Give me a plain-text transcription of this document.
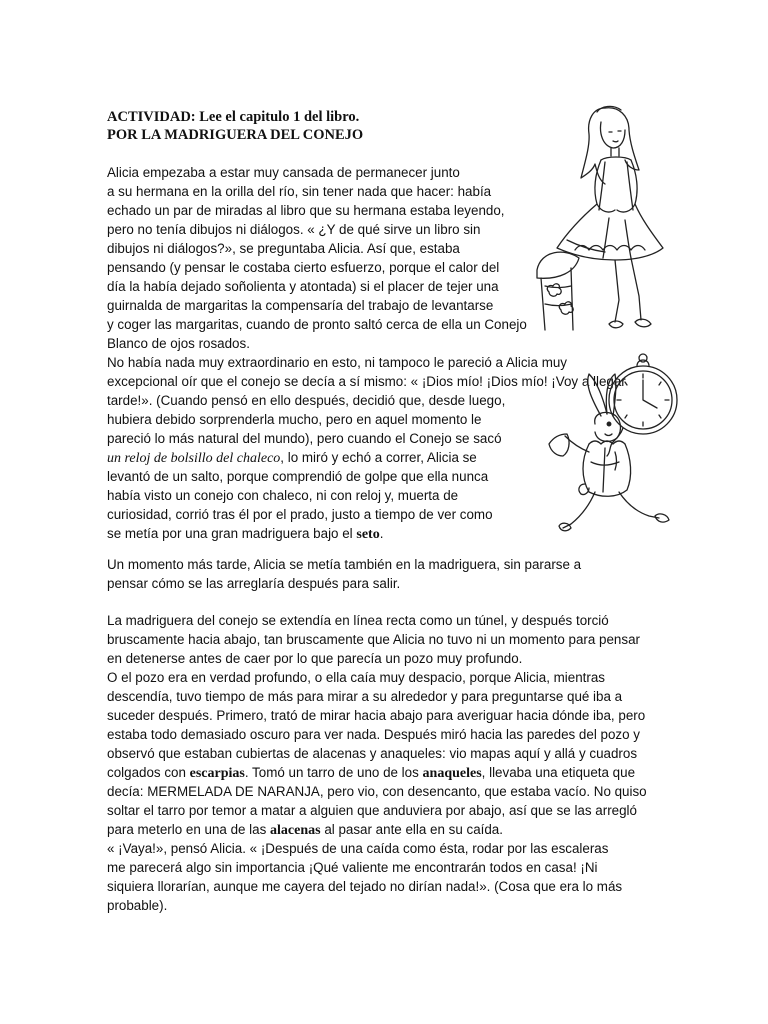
ACTIVIDAD: Lee el capitulo 1 del libro.
POR LA MADRIGUERA DEL CONEJO
Alicia empezaba a estar muy cansada de permanecer junto
a su hermana en la orilla del río, sin tener nada que hacer: había
echado un par de miradas al libro que su hermana estaba leyendo,
pero no tenía dibujos ni diálogos. « ¿Y de qué sirve un libro sin
dibujos ni diálogos?», se preguntaba Alicia. Así que, estaba
pensando (y pensar le costaba cierto esfuerzo, porque el calor del
día la había dejado soñolienta y atontada) si el placer de tejer una
guirnalda de margaritas la compensaría del trabajo de levantarse
y coger las margaritas, cuando de pronto saltó cerca de ella un Conejo
Blanco de ojos rosados.
No había nada muy extraordinario en esto, ni tampoco le pareció a Alicia muy
excepcional oír que el conejo se decía a sí mismo: « ¡Dios mío! ¡Dios mío! ¡Voy a llegar
tarde!». (Cuando pensó en ello después, decidió que, desde luego,
hubiera debido sorprenderla mucho, pero en aquel momento le
pareció lo más natural del mundo), pero cuando el Conejo se sacó
un reloj de bolsillo del chaleco, lo miró y echó a correr, Alicia se
levantó de un salto, porque comprendió de golpe que ella nunca
había visto un conejo con chaleco, ni con reloj y, muerta de
curiosidad, corrió tras él por el prado, justo a tiempo de ver como
se metía por una gran madriguera bajo el seto.
Un momento más tarde, Alicia se metía también en la madriguera, sin pararse a
pensar cómo se las arreglaría después para salir.
La madriguera del conejo se extendía en línea recta como un túnel, y después torció
bruscamente hacia abajo, tan bruscamente que Alicia no tuvo ni un momento para pensar
en detenerse antes de caer por lo que parecía un pozo muy profundo.
O el pozo era en verdad profundo, o ella caía muy despacio, porque Alicia, mientras
descendía, tuvo tiempo de más para mirar a su alrededor y para preguntarse qué iba a
suceder después. Primero, trató de mirar hacia abajo para averiguar hacia dónde iba, pero
estaba todo demasiado oscuro para ver nada. Después miró hacia las paredes del pozo y
observó que estaban cubiertas de alacenas y anaqueles: vio mapas aquí y allá y cuadros
colgados con escarpias. Tomó un tarro de uno de los anaqueles, llevaba una etiqueta que
decía: MERMELADA DE NARANJA, pero vio, con desencanto, que estaba vacío. No quiso
soltar el tarro por temor a matar a alguien que anduviera por abajo, así que se las arregló
para meterlo en una de las alacenas al pasar ante ella en su caída.
« ¡Vaya!», pensó Alicia. « ¡Después de una caída como ésta, rodar por las escaleras
me parecerá algo sin importancia ¡Qué valiente me encontrarán todos en casa! ¡Ni
siquiera llorarían, aunque me cayera del tejado no dirían nada!». (Cosa que era lo más
probable).
